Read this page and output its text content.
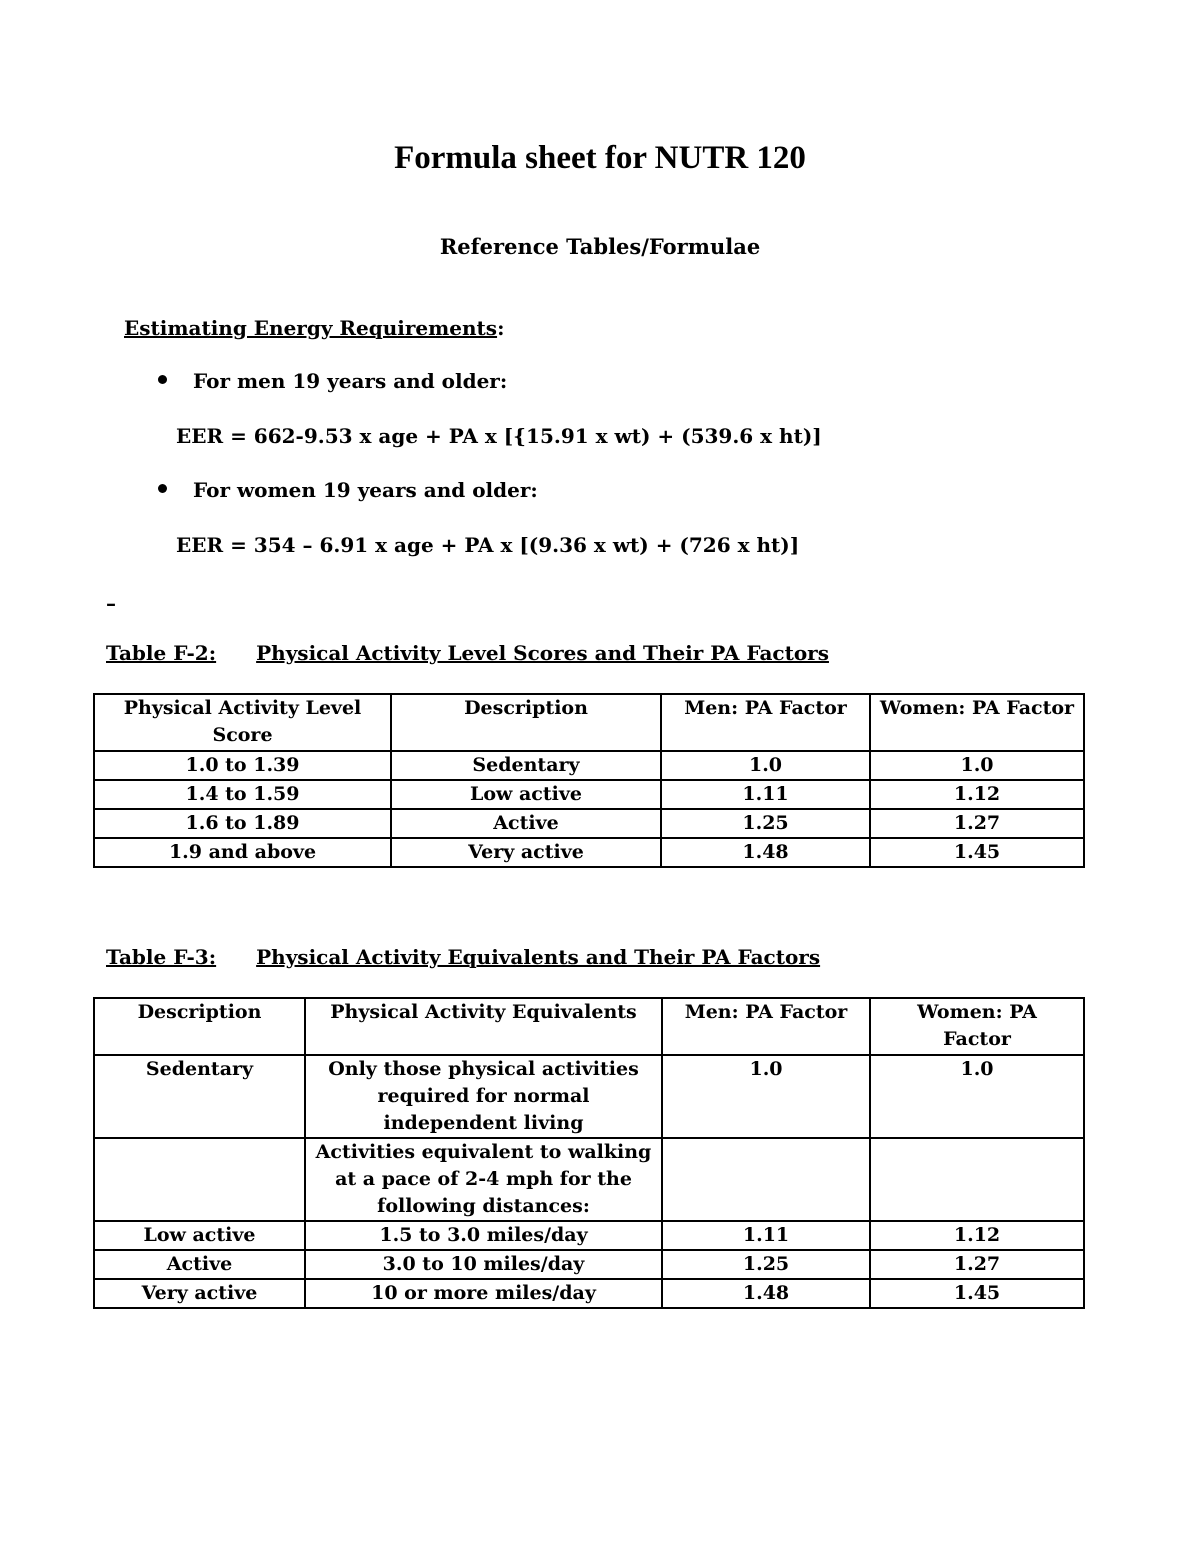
Formula sheet for NUTR 120
Reference Tables/Formulae
Estimating Energy Requirements:
For men 19 years and older:
EER = 662-9.53 x age + PA x [{15.91 x wt) + (539.6 x ht)]
For women 19 years and older:
EER = 354 – 6.91 x age + PA x [(9.36 x wt) + (726 x ht)]
–
Table F-2: Physical Activity Level Scores and Their PA Factors
Physical Activity Level Score	Description	Men: PA Factor	Women: PA Factor
1.0 to 1.39	Sedentary	1.0	1.0
1.4 to 1.59	Low active	1.11	1.12
1.6 to 1.89	Active	1.25	1.27
1.9 and above	Very active	1.48	1.45
Table F-3: Physical Activity Equivalents and Their PA Factors
Description	Physical Activity Equivalents	Men: PA Factor	Women: PA Factor
Sedentary	Only those physical activities required for normal independent living	1.0	1.0
	Activities equivalent to walking at a pace of 2-4 mph for the following distances:		
Low active	1.5 to 3.0 miles/day	1.11	1.12
Active	3.0 to 10 miles/day	1.25	1.27
Very active	10 or more miles/day	1.48	1.45
